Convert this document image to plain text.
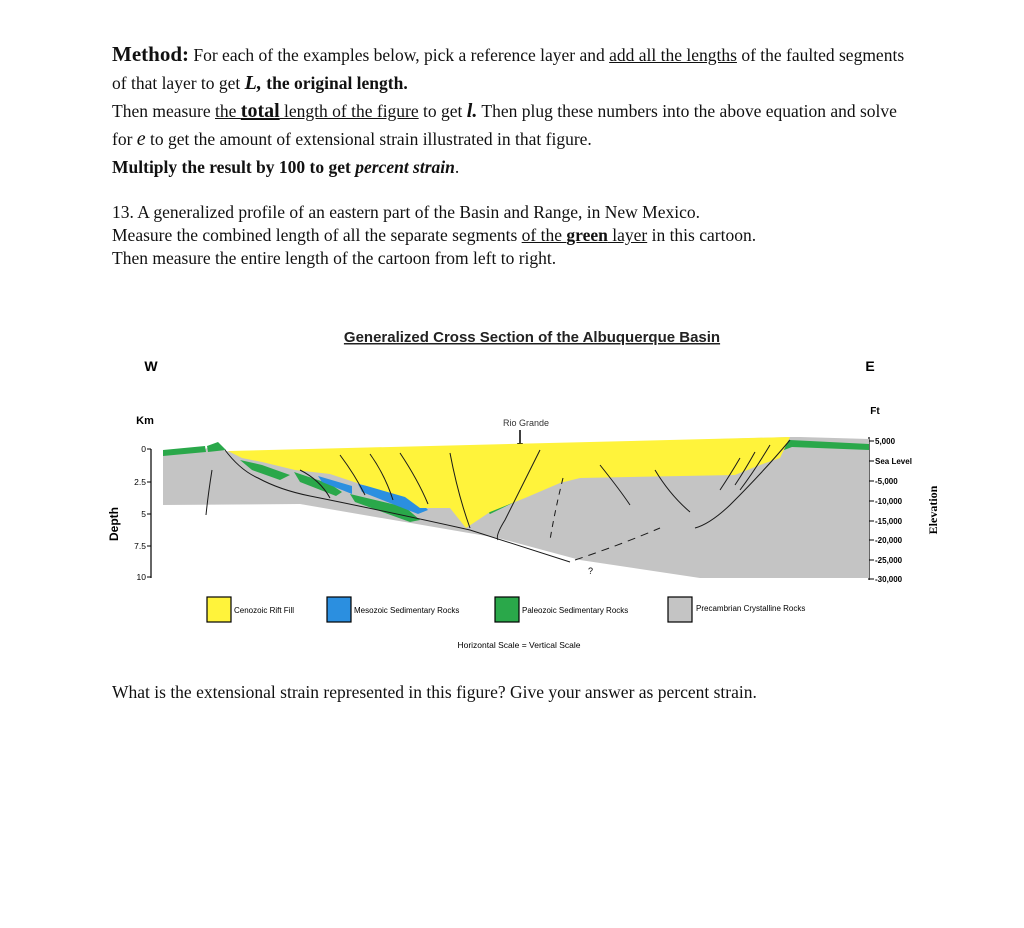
Method: For each of the examples below, pick a reference layer and add all the lengths of the faulted segments of that layer to get L, the original length.
Then measure the total length of the figure to get l. Then plug these numbers into the above equation and solve for e to get the amount of extensional strain illustrated in that figure.
Multiply the result by 100 to get percent strain.
13. A generalized profile of an eastern part of the Basin and Range, in New Mexico.
Measure the combined length of all the separate segments of the green layer in this cartoon.
Then measure the entire length of the cartoon from left to right.
Generalized Cross Section of the Albuquerque Basin
W	E
Km
Ft
Rio Grande
Depth	Elevation
0
2.5
5
7.5
10
5,000
Sea Level
-5,000
-10,000
-15,000
-20,000
-25,000
-30,000
?
Cenozoic Rift Fill	Mesozoic Sedimentary Rocks	Paleozoic Sedimentary Rocks	Precambrian Crystalline Rocks
Horizontal Scale = Vertical Scale
What is the extensional strain represented in this figure? Give your answer as percent strain.
